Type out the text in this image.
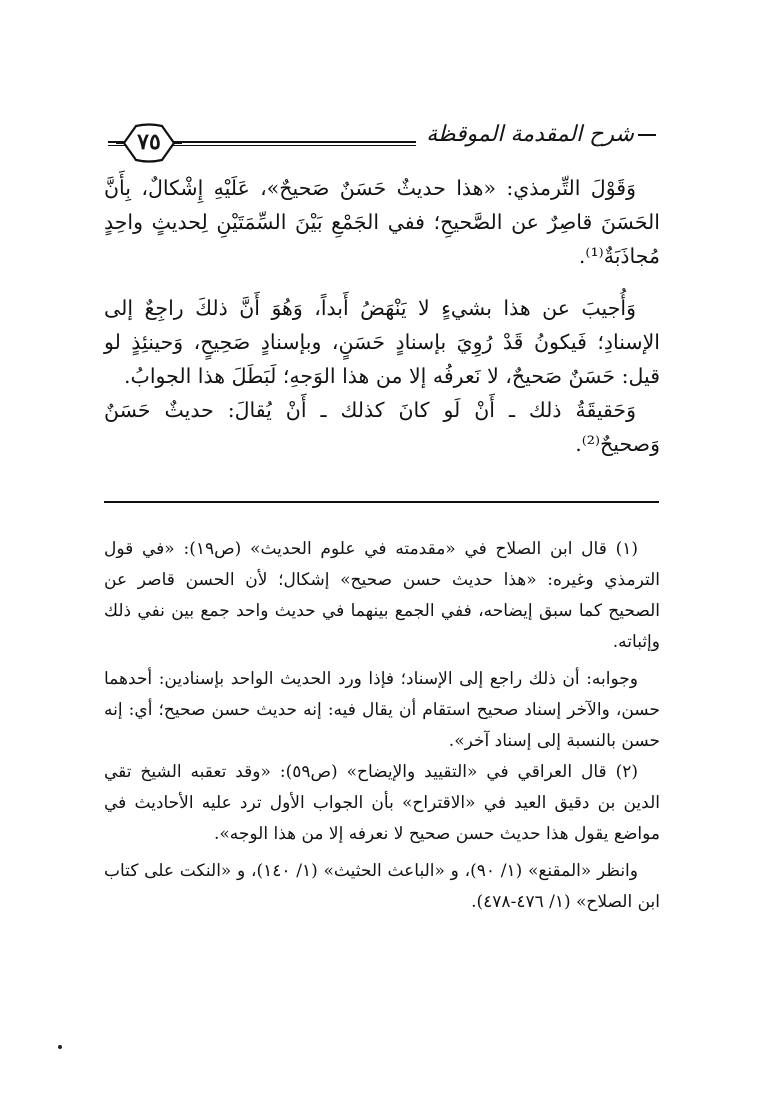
٧٥	شرح المقدمة الموقظة

وَقَوْلَ التِّرمذي: «هذا حديثٌ حَسَنٌ صَحيحٌ»، عَلَيْهِ إِشْكالٌ، بِأَنَّ الحَسَنَ قاصِرٌ عن الصَّحيحِ؛ ففي الجَمْعِ بَيْنَ السِّمَتَيْنِ لِحديثٍ واحِدٍ مُجاذَبَةٌ⁽¹⁾.

وَأُجيبَ عن هذا بشيءٍ لا يَنْهَضُ أَبداً، وَهُوَ أَنَّ ذلكَ راجِعٌ إلى الإسنادِ؛ فَيكونُ قَدْ رُوِيَ بإسنادٍ حَسَنٍ، وبإسنادٍ صَحِيحٍ، وَحينئِذٍ لو قيل: حَسَنٌ صَحيحٌ، لا نَعرفُه إلا من هذا الوَجهِ؛ لَبَطَلَ هذا الجوابُ.

وَحَقيقَةُ ذلك ـ أَنْ لَو كانَ كذلك ـ أَنْ يُقالَ: حديثٌ حَسَنٌ وَصحيحٌ⁽²⁾.

(١) قال ابن الصلاح في «مقدمته في علوم الحديث» (ص١٩): «في قول الترمذي وغيره: «هذا حديث حسن صحيح» إشكال؛ لأن الحسن قاصر عن الصحيح كما سبق إيضاحه، ففي الجمع بينهما في حديث واحد جمع بين نفي ذلك وإثباته.

وجوابه: أن ذلك راجع إلى الإسناد؛ فإذا ورد الحديث الواحد بإسنادين: أحدهما حسن، والآخر إسناد صحيح استقام أن يقال فيه: إنه حديث حسن صحيح؛ أي: إنه حسن بالنسبة إلى إسناد آخر».

(٢) قال العراقي في «التقييد والإيضاح» (ص٥٩): «وقد تعقبه الشيخ تقي الدين بن دقيق العيد في «الاقتراح» بأن الجواب الأول ترد عليه الأحاديث في مواضع يقول هذا حديث حسن صحيح لا نعرفه إلا من هذا الوجه».

وانظر «المقنع» (١/ ٩٠)، و «الباعث الحثيث» (١/ ١٤٠)، و «النكت على كتاب ابن الصلاح» (١/ ٤٧٦-٤٧٨).
